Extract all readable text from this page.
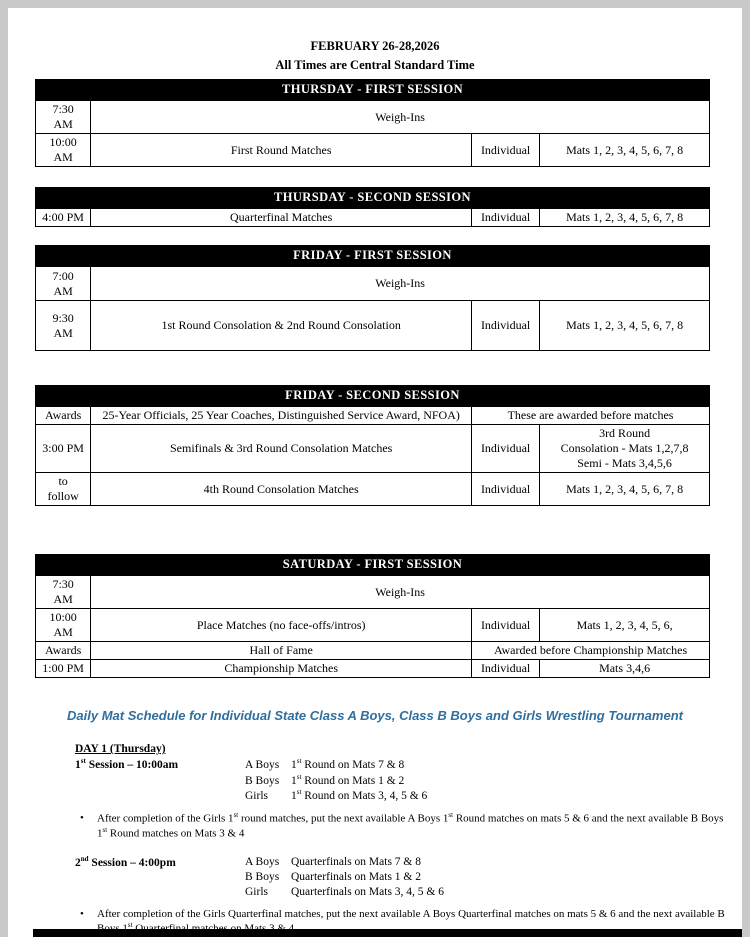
FEBRUARY 26-28,2026
All Times are Central Standard Time
THURSDAY - FIRST SESSION			
7:30
AM	Weigh-Ins		
10:00
AM	First Round Matches	Individual	Mats 1, 2, 3, 4, 5, 6, 7, 8
THURSDAY - SECOND SESSION
4:00 PM	Quarterfinal Matches	Individual	Mats 1, 2, 3, 4, 5, 6, 7, 8
FRIDAY - FIRST SESSION			
7:00
AM	Weigh-Ins		
9:30
AM	1st Round Consolation & 2nd Round Consolation	Individual	Mats 1, 2, 3, 4, 5, 6, 7, 8
FRIDAY - SECOND SESSION			
Awards	25-Year Officials, 25 Year Coaches, Distinguished Service Award, NFOA)	These are awarded before matches	
3:00 PM	Semifinals & 3rd Round Consolation Matches	Individual	3rd Round
Consolation - Mats 1,2,7,8
Semi - Mats 3,4,5,6
to
follow	4th Round Consolation Matches	Individual	Mats 1, 2, 3, 4, 5, 6, 7, 8
SATURDAY - FIRST SESSION			
7:30
AM	Weigh-Ins		
10:00
AM	Place Matches (no face-offs/intros)	Individual	Mats 1, 2, 3, 4, 5, 6,
Awards	Hall of Fame	Awarded before Championship Matches	
1:00 PM	Championship Matches	Individual	Mats 3,4,6
Daily Mat Schedule for Individual State Class A Boys, Class B Boys and Girls Wrestling Tournament
DAY 1 (Thursday)
1st Session – 10:00am	A Boys 1st Round on Mats 7 & 8
B Boys 1st Round on Mats 1 & 2
Girls 1st Round on Mats 3, 4, 5 & 6
•	After completion of the Girls 1st round matches, put the next available A Boys 1st Round matches on mats 5 & 6 and the next available B Boys 1st Round matches on Mats 3 & 4
2nd Session – 4:00pm	A Boys Quarterfinals on Mats 7 & 8
B Boys Quarterfinals on Mats 1 & 2
Girls Quarterfinals on Mats 3, 4, 5 & 6
•	After completion of the Girls Quarterfinal matches, put the next available A Boys Quarterfinal matches on mats 5 & 6 and the next available B $^{st}$
